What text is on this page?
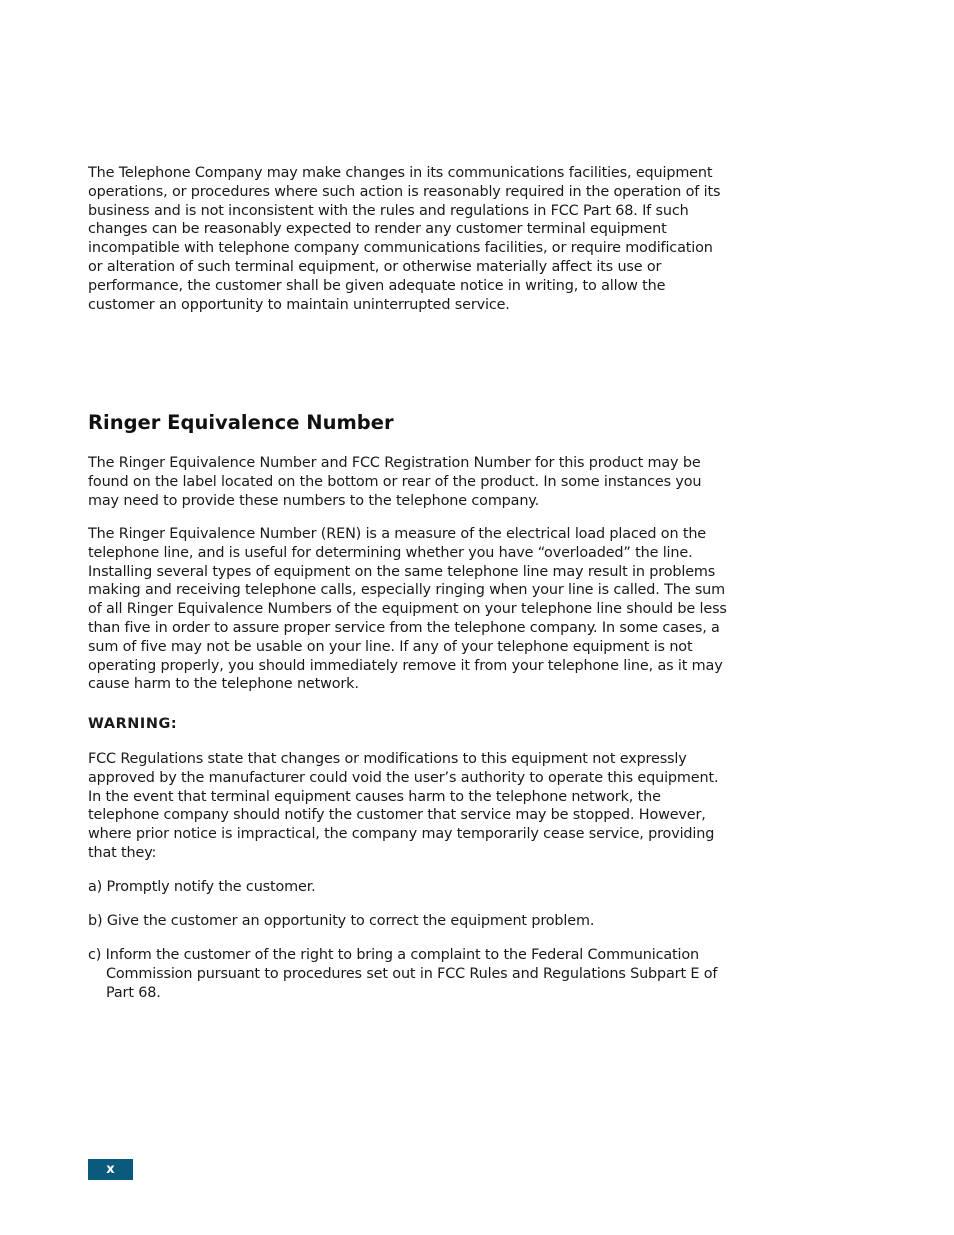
The Telephone Company may make changes in its communications facilities, equipment operations, or procedures where such action is reasonably required in the operation of its business and is not inconsistent with the rules and regulations in FCC Part 68. If such changes can be reasonably expected to render any customer terminal equipment incompatible with telephone company communications facilities, or require modification or alteration of such terminal equipment, or otherwise materially affect its use or performance, the customer shall be given adequate notice in writing, to allow the customer an opportunity to maintain uninterrupted service.

Ringer Equivalence Number

The Ringer Equivalence Number and FCC Registration Number for this product may be found on the label located on the bottom or rear of the product. In some instances you may need to provide these numbers to the telephone company.

The Ringer Equivalence Number (REN) is a measure of the electrical load placed on the telephone line, and is useful for determining whether you have “overloaded” the line. Installing several types of equipment on the same telephone line may result in problems making and receiving telephone calls, especially ringing when your line is called. The sum of all Ringer Equivalence Numbers of the equipment on your telephone line should be less than five in order to assure proper service from the telephone company. In some cases, a sum of five may not be usable on your line. If any of your telephone equipment is not operating properly, you should immediately remove it from your telephone line, as it may cause harm to the telephone network.

WARNING:

FCC Regulations state that changes or modifications to this equipment not expressly approved by the manufacturer could void the user’s authority to operate this equipment. In the event that terminal equipment causes harm to the telephone network, the telephone company should notify the customer that service may be stopped. However, where prior notice is impractical, the company may temporarily cease service, providing that they:

a) Promptly notify the customer.

b) Give the customer an opportunity to correct the equipment problem.

c) Inform the customer of the right to bring a complaint to the Federal Communication Commission pursuant to procedures set out in FCC Rules and Regulations Subpart E of Part 68.

x
